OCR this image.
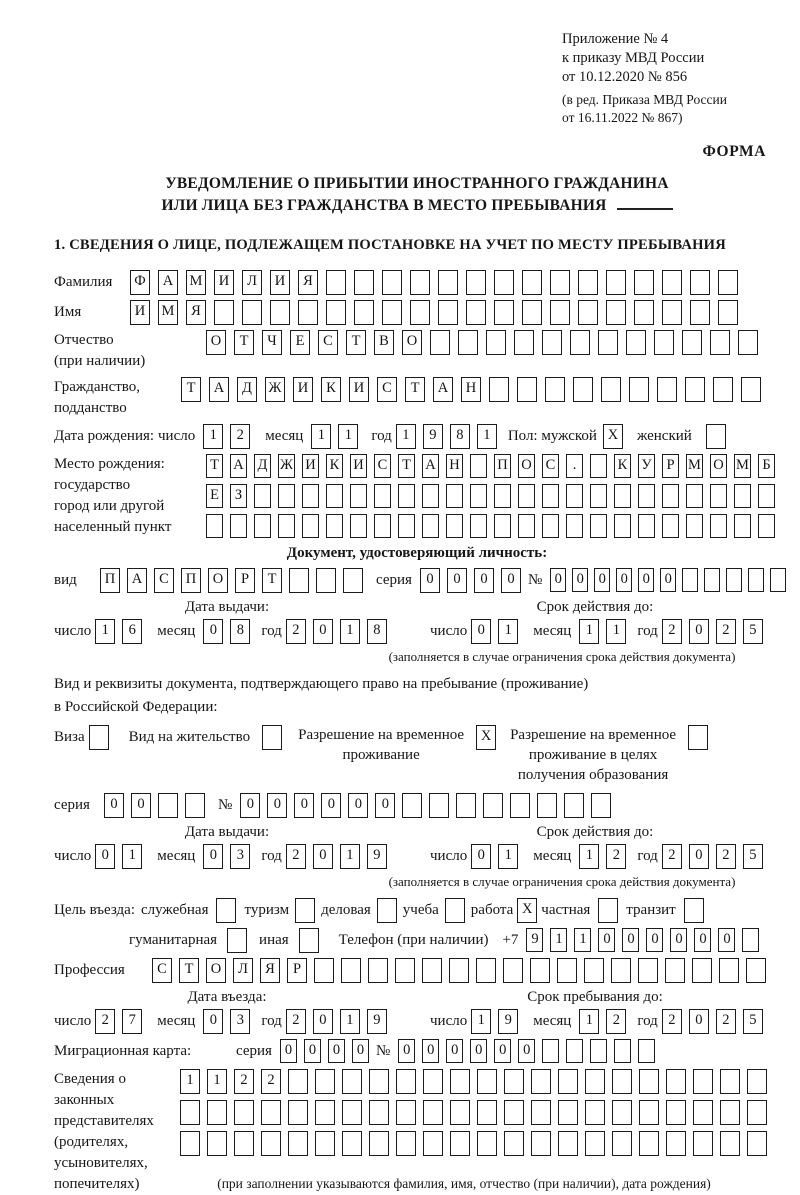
Приложение № 4
к приказу МВД России
от 10.12.2020 № 856
(в ред. Приказа МВД России
от 16.11.2022 № 867)
ФОРМА
УВЕДОМЛЕНИЕ О ПРИБЫТИИ ИНОСТРАННОГО ГРАЖДАНИНА
ИЛИ ЛИЦА БЕЗ ГРАЖДАНСТВА В МЕСТО ПРЕБЫВАНИЯ
1. СВЕДЕНИЯ О ЛИЦЕ, ПОДЛЕЖАЩЕМ ПОСТАНОВКЕ НА УЧЕТ ПО МЕСТУ ПРЕБЫВАНИЯ
Фамилия	Ф	А	М	И	Л	И	Я
Имя	И	М	Я
Отчество
(при наличии)
О	Т	Ч	Е	С	Т	В	О
Гражданство,
подданство
Т	А	Д	Ж	И	К	И	С	Т	А	Н
Дата рождения: число 1	2	месяц 1	1	год 1	9	8	1	Пол: мужской X	женский
Место рождения:
государство
город или другой
населенный пункт
Т А Д Ж И К И С Т А Н	П О С	.	К У	Р М О М Б
Е	З
Документ, удостоверяющий личность:
вид	П	А	С	П	О	Р	Т	серия 0	0	0	0 № 0	0	0	0	0	0
Дата выдачи:	Срок действия до:
число 1	6	месяц 0	8	год 2	0	1	8	число 0	1	месяц 1	1	год 2	0	2	5
(заполняется в случае ограничения срока действия документа)
Вид и реквизиты документа, подтверждающего право на пребывание (проживание)
в Российской Федерации:
Виза	Вид на жительство	Разрешение на временное
проживание
X	Разрешение на временное
проживание в целях
получения образования
серия	0	0	№ 0	0	0	0	0	0
Дата выдачи:	Срок действия до:
число 0	1	месяц 0	3	год 2	0	1	9	число 0	1	месяц 1	2	год 2	0	2	5
(заполняется в случае ограничения срока действия документа)
Цель въезда: служебная туризм деловая учеба работа X частная транзит
гуманитарная	иная	Телефон (при наличии) +7 9	1	1	0	0	0	0	0	0
Профессия	С	Т	О	Л	Я	Р
Дата въезда:	Срок пребывания до:
число 2	7	месяц 0	3	год 2	0	1	9	число 1	9	месяц 1	2	год 2	0	2	5
Миграционная карта:	серия 0	0	0	0 № 0	0	0	0	0	0
Сведения о
законных
представителях
(родителях,
усыновителях,
попечителях)
1	1	2	2
(при заполнении указываются фамилия, имя, отчество (при наличии), дата рождения)
